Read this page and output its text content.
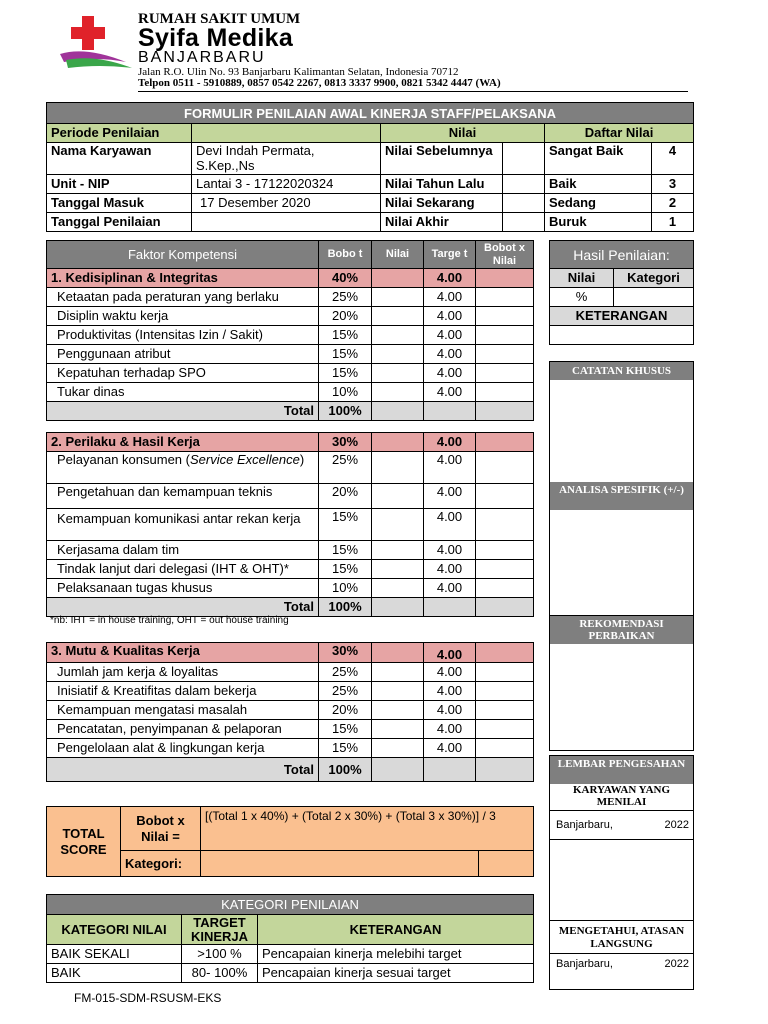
RUMAH SAKIT UMUM
Syifa Medika
BANJARBARU
Jalan R.O. Ulin No. 93 Banjarbaru Kalimantan Selatan, Indonesia 70712
Telpon 0511 - 5910889, 0857 0542 2267, 0813 3337 9900, 0821 5342 4447 (WA)
FORMULIR PENILAIAN AWAL KINERJA STAFF/PELAKSANA					
Periode Penilaian		Nilai		Daftar Nilai	
Nama Karyawan	Devi Indah Permata, S.Kep.,Ns	Nilai Sebelumnya		Sangat Baik	4
Unit - NIP	Lantai 3 - 17122020324	Nilai Tahun Lalu		Baik	3
Tanggal Masuk	17 Desember 2020	Nilai Sekarang		Sedang	2
Tanggal Penilaian		Nilai Akhir		Buruk	1
Faktor Kompetensi	Bobo t	Nilai	Targe t	Bobot x Nilai
1. Kedisiplinan & Integritas	40%		4.00	
Ketaatan pada peraturan yang berlaku	25%		4.00	
Disiplin waktu kerja	20%		4.00	
Produktivitas (Intensitas Izin / Sakit)	15%		4.00	
Penggunaan atribut	15%		4.00	
Kepatuhan terhadap SPO	15%		4.00	
Tukar dinas	10%		4.00	
Total	100%			
2. Perilaku & Hasil Kerja	30%		4.00	
Pelayanan konsumen (Service Excellence)	25%		4.00	
Pengetahuan dan kemampuan teknis	20%		4.00	
Kemampuan komunikasi antar rekan kerja	15%		4.00	
Kerjasama dalam tim	15%		4.00	
Tindak lanjut dari delegasi (IHT & OHT)*	15%		4.00	
Pelaksanaan tugas khusus	10%		4.00	
Total	100%			
*nb: IHT = in house training, OHT = out house training
3. Mutu & Kualitas Kerja	30%		4.00	
Jumlah jam kerja & loyalitas	25%		4.00	
Inisiatif & Kreatifitas dalam bekerja	25%		4.00	
Kemampuan mengatasi masalah	20%		4.00	
Pencatatan, penyimpanan & pelaporan	15%		4.00	
Pengelolaan alat & lingkungan kerja	15%		4.00	
Total	100%			
TOTAL SCORE	Bobot x Nilai =	[(Total 1 x 40%) + (Total 2 x 30%) + (Total 3 x 30%)] / 3	
	Kategori:		
KATEGORI PENILAIAN		
KATEGORI NILAI	TARGET KINERJA	KETERANGAN
BAIK SEKALI	>100 %	Pencapaian kinerja melebihi target
BAIK	80- 100%	Pencapaian kinerja sesuai target
FM-015-SDM-RSUSM-EKS
Hasil Penilaian:	
Nilai	Kategori
%	
KETERANGAN	

CATATAN KHUSUS
ANALISA SPESIFIK (+/-)
REKOMENDASI PERBAIKAN
LEMBAR PENGESAHAN
KARYAWAN YANG MENILAI
Banjarbaru,	2022
MENGETAHUI, ATASAN LANGSUNG
Banjarbaru,	2022
